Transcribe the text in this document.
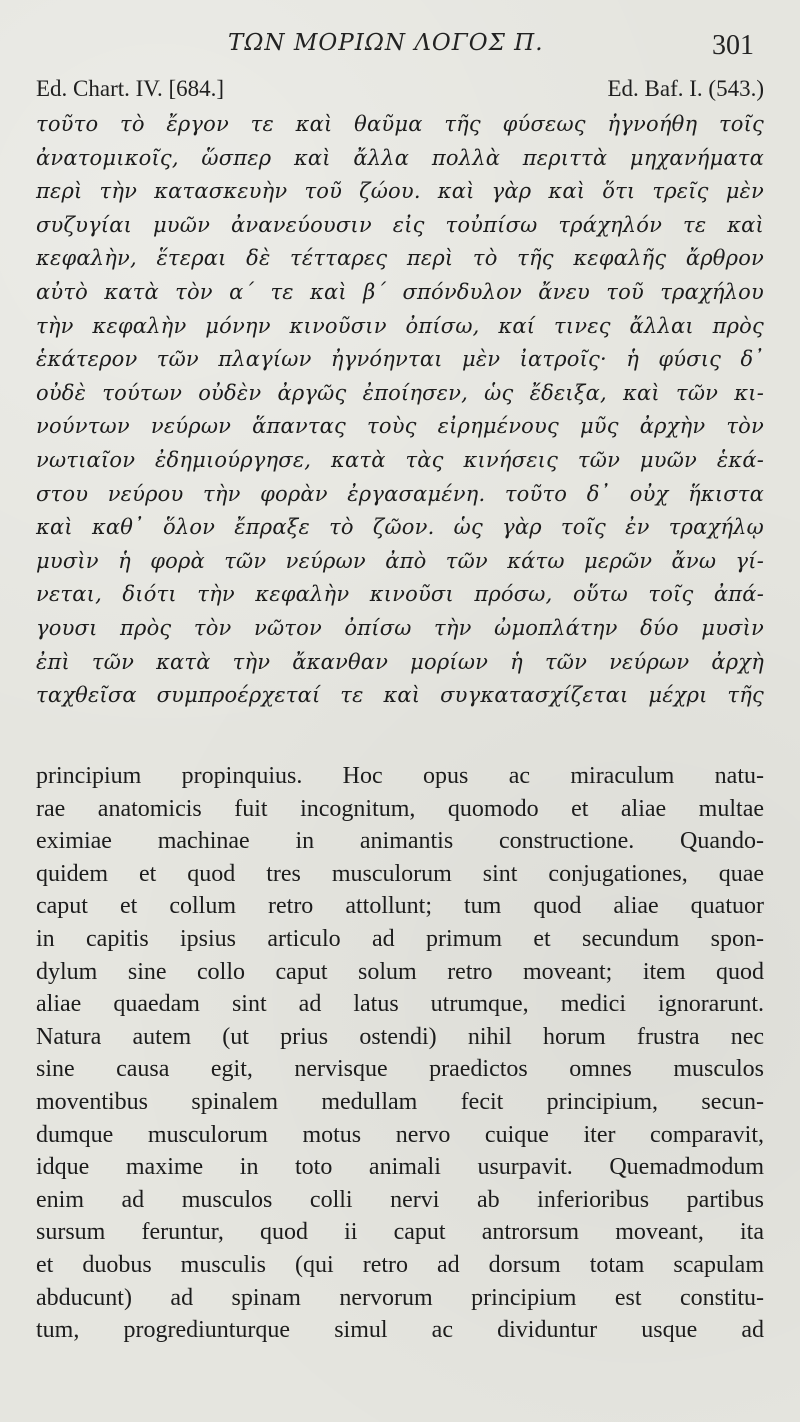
ΤΩΝ ΜΟΡΙΩΝ ΛΟΓΟΣ Π.	301
Ed. Chart. IV. [684.]	Ed. Baf. I. (543.)
τοῦτο τὸ ἔργον τε καὶ θαῦμα τῆς φύσεως ἠγνοήθη τοῖς
ἀνατομικοῖς, ὥσπερ καὶ ἄλλα πολλὰ περιττὰ μηχανήματα
περὶ τὴν κατασκευὴν τοῦ ζώου. καὶ γὰρ καὶ ὅτι τρεῖς μὲν
συζυγίαι μυῶν ἀνανεύουσιν εἰς τοὐπίσω τράχηλόν τε καὶ
κεφαλὴν, ἕτεραι δὲ τέτταρες περὶ τὸ τῆς κεφαλῆς ἄρθρον
αὐτὸ κατὰ τὸν α΄ τε καὶ β΄ σπόνδυλον ἄνευ τοῦ τραχήλου
τὴν κεφαλὴν μόνην κινοῦσιν ὀπίσω, καί τινες ἄλλαι πρὸς
ἑκάτερον τῶν πλαγίων ἠγνόηνται μὲν ἰατροῖς· ἡ φύσις δ᾽
οὐδὲ τούτων οὐδὲν ἀργῶς ἐποίησεν, ὡς ἔδειξα, καὶ τῶν κι-
νούντων νεύρων ἅπαντας τοὺς εἰρημένους μῦς ἀρχὴν τὸν
νωτιαῖον ἐδημιούργησε, κατὰ τὰς κινήσεις τῶν μυῶν ἑκά-
στου νεύρου τὴν φορὰν ἐργασαμένη. τοῦτο δ᾽ οὐχ ἥκιστα
καὶ καθ᾽ ὅλον ἔπραξε τὸ ζῶον. ὡς γὰρ τοῖς ἐν τραχήλῳ
μυσὶν ἡ φορὰ τῶν νεύρων ἀπὸ τῶν κάτω μερῶν ἄνω γί-
νεται, διότι τὴν κεφαλὴν κινοῦσι πρόσω, οὕτω τοῖς ἀπά-
γουσι πρὸς τὸν νῶτον ὀπίσω τὴν ὠμοπλάτην δύο μυσὶν
ἐπὶ τῶν κατὰ τὴν ἄκανθαν μορίων ἡ τῶν νεύρων ἀρχὴ
ταχθεῖσα συμπροέρχεταί τε καὶ συγκατασχίζεται μέχρι τῆς
principium propinquius. Hoc opus ac miraculum natu-
rae anatomicis fuit incognitum, quomodo et aliae multae
eximiae machinae in animantis constructione. Quando-
quidem et quod tres musculorum sint conjugationes, quae
caput et collum retro attollunt; tum quod aliae quatuor
in capitis ipsius articulo ad primum et secundum spon-
dylum sine collo caput solum retro moveant; item quod
aliae quaedam sint ad latus utrumque, medici ignorarunt.
Natura autem (ut prius ostendi) nihil horum frustra nec
sine causa egit, nervisque praedictos omnes musculos
moventibus spinalem medullam fecit principium, secun-
dumque musculorum motus nervo cuique iter comparavit,
idque maxime in toto animali usurpavit. Quemadmodum
enim ad musculos colli nervi ab inferioribus partibus
sursum feruntur, quod ii caput antrorsum moveant, ita
et duobus musculis (qui retro ad dorsum totam scapulam
abducunt) ad spinam nervorum principium est constitu-
tum, progrediunturque simul ac dividuntur usque ad
